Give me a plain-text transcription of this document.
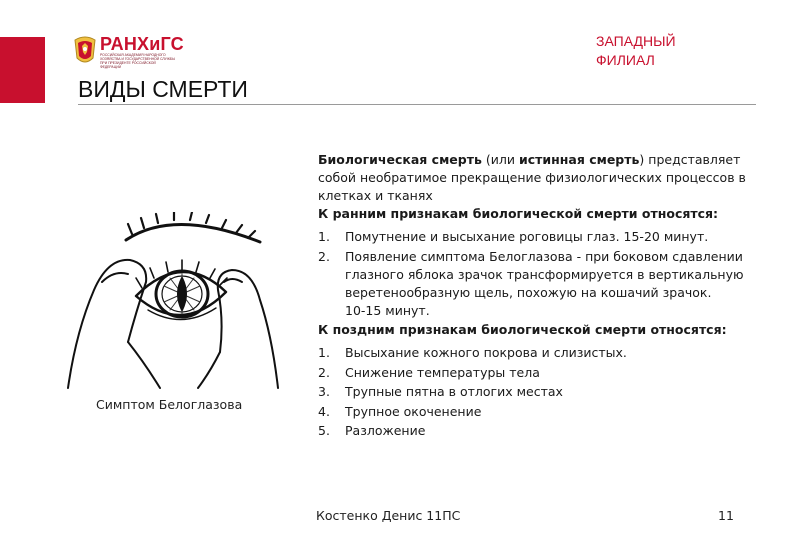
РАНХиГС
РОССИЙСКАЯ АКАДЕМИЯ НАРОДНОГО ХОЗЯЙСТВА И ГОСУДАРСТВЕННОЙ СЛУЖБЫ ПРИ ПРЕЗИДЕНТЕ РОССИЙСКОЙ ФЕДЕРАЦИИ
ЗАПАДНЫЙ ФИЛИАЛ
ВИДЫ СМЕРТИ
Симптом Белоглазова

Биологическая смерть (или истинная смерть) представляет собой необратимое прекращение физиологических процессов в клетках и тканях

К ранним признакам биологической смерти относятся:

1. Помутнение и высыхание роговицы глаз. 15-20 минут.
2. Появление симптома Белоглазова - при боковом сдавлении глазного яблока зрачок трансформируется в вертикальную веретенообразную щель, похожую на кошачий зрачок.
10-15 минут.

К поздним признакам биологической смерти относятся:

1. Высыхание кожного покрова и слизистых.
2. Снижение температуры тела
3. Трупные пятна в отлогих местах
4. Трупное окоченение
5. Разложение
Костенко Денис 11ПС	11
